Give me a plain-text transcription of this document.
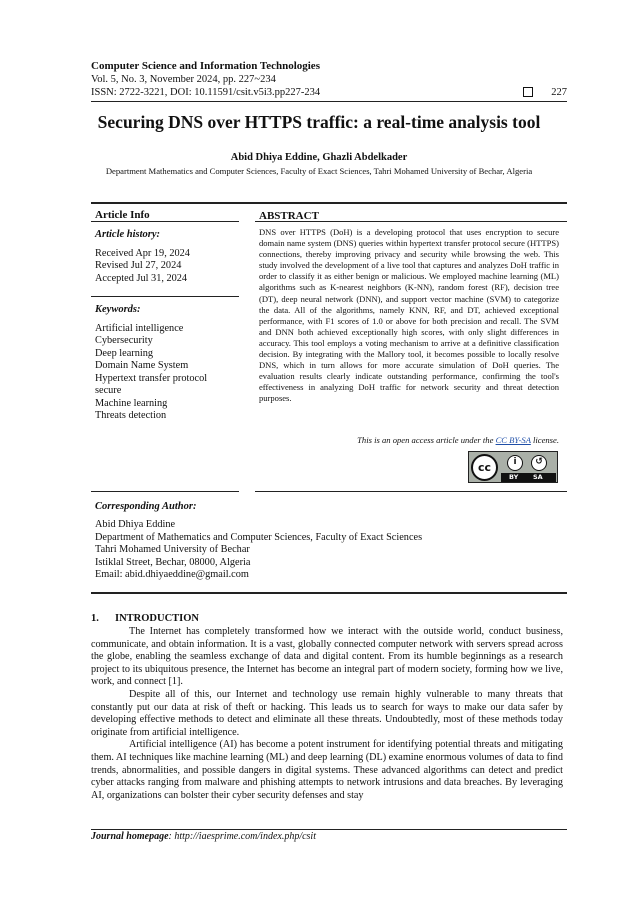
Computer Science and Information Technologies
Vol. 5, No. 3, November 2024, pp. 227~234
ISSN: 2722-3221, DOI: 10.11591/csit.v5i3.pp227-234	227
Securing DNS over HTTPS traffic: a real-time analysis tool
Abid Dhiya Eddine, Ghazli Abdelkader
Department Mathematics and Computer Sciences, Faculty of Exact Sciences, Tahri Mohamed University of Bechar, Algeria
Article Info
Article history:
Received Apr 19, 2024
Revised Jul 27, 2024
Accepted Jul 31, 2024
Keywords:
Artificial intelligence
Cybersecurity
Deep learning
Domain Name System
Hypertext transfer protocol
secure
Machine learning
Threats detection
ABSTRACT
DNS over HTTPS (DoH) is a developing protocol that uses encryption to secure domain name system (DNS) queries within hypertext transfer protocol secure (HTTPS) connections, thereby improving privacy and security while browsing the web. This study involved the development of a live tool that captures and analyzes DoH traffic in order to classify it as either benign or malicious. We employed machine learning (ML) algorithms such as K-nearest neighbors (K-NN), random forest (RF), decision tree (DT), deep neural network (DNN), and support vector machine (SVM) to categorize the data. All of the algorithms, namely KNN, RF, and DT, achieved exceptional performance, with F1 scores of 1.0 or above for both precision and recall. The SVM and DNN both achieved exceptionally high scores, with only slight differences in accuracy. This tool employs a voting mechanism to arrive at a definitive classification decision. By integrating with the Mallory tool, it becomes possible to locally resolve DNS, which in turn allows for more accurate simulation of DoH queries. The evaluation results clearly indicate outstanding performance, confirming the tool's effectiveness in analyzing DoH traffic for network security and threat detection purposes.
This is an open access article under the CC BY-SA license.
cc	i	↺
BY SA
Corresponding Author:
Abid Dhiya Eddine
Department of Mathematics and Computer Sciences, Faculty of Exact Sciences
Tahri Mohamed University of Bechar
Istiklal Street, Bechar, 08000, Algeria
Email: abid.dhiyaeddine@gmail.com
1. INTRODUCTION

The Internet has completely transformed how we interact with the outside world, conduct business, communicate, and obtain information. It is a vast, globally connected computer network with servers spread across the globe, enabling the seamless exchange of data and digital content. From its humble beginnings as a research project to its ubiquitous presence, the Internet has become an integral part of modern society, forming how we live, work, and connect [1].

Despite all of this, our Internet and technology use remain highly vulnerable to many threats that constantly put our data at risk of theft or hacking. This leads us to search for ways to make our data safer by developing effective methods to detect and eliminate all these threats. Undoubtedly, most of these methods today originate from artificial intelligence.

Artificial intelligence (AI) has become a potent instrument for identifying potential threats and mitigating them. AI techniques like machine learning (ML) and deep learning (DL) examine enormous volumes of data to find trends, abnormalities, and possible dangers in digital systems. These advanced algorithms can detect and predict cyber attacks ranging from malware and phishing attempts to network intrusions and data breaches. By leveraging AI, organizations can bolster their cyber security defenses and stay

Journal homepage: http://iaesprime.com/index.php/csit
